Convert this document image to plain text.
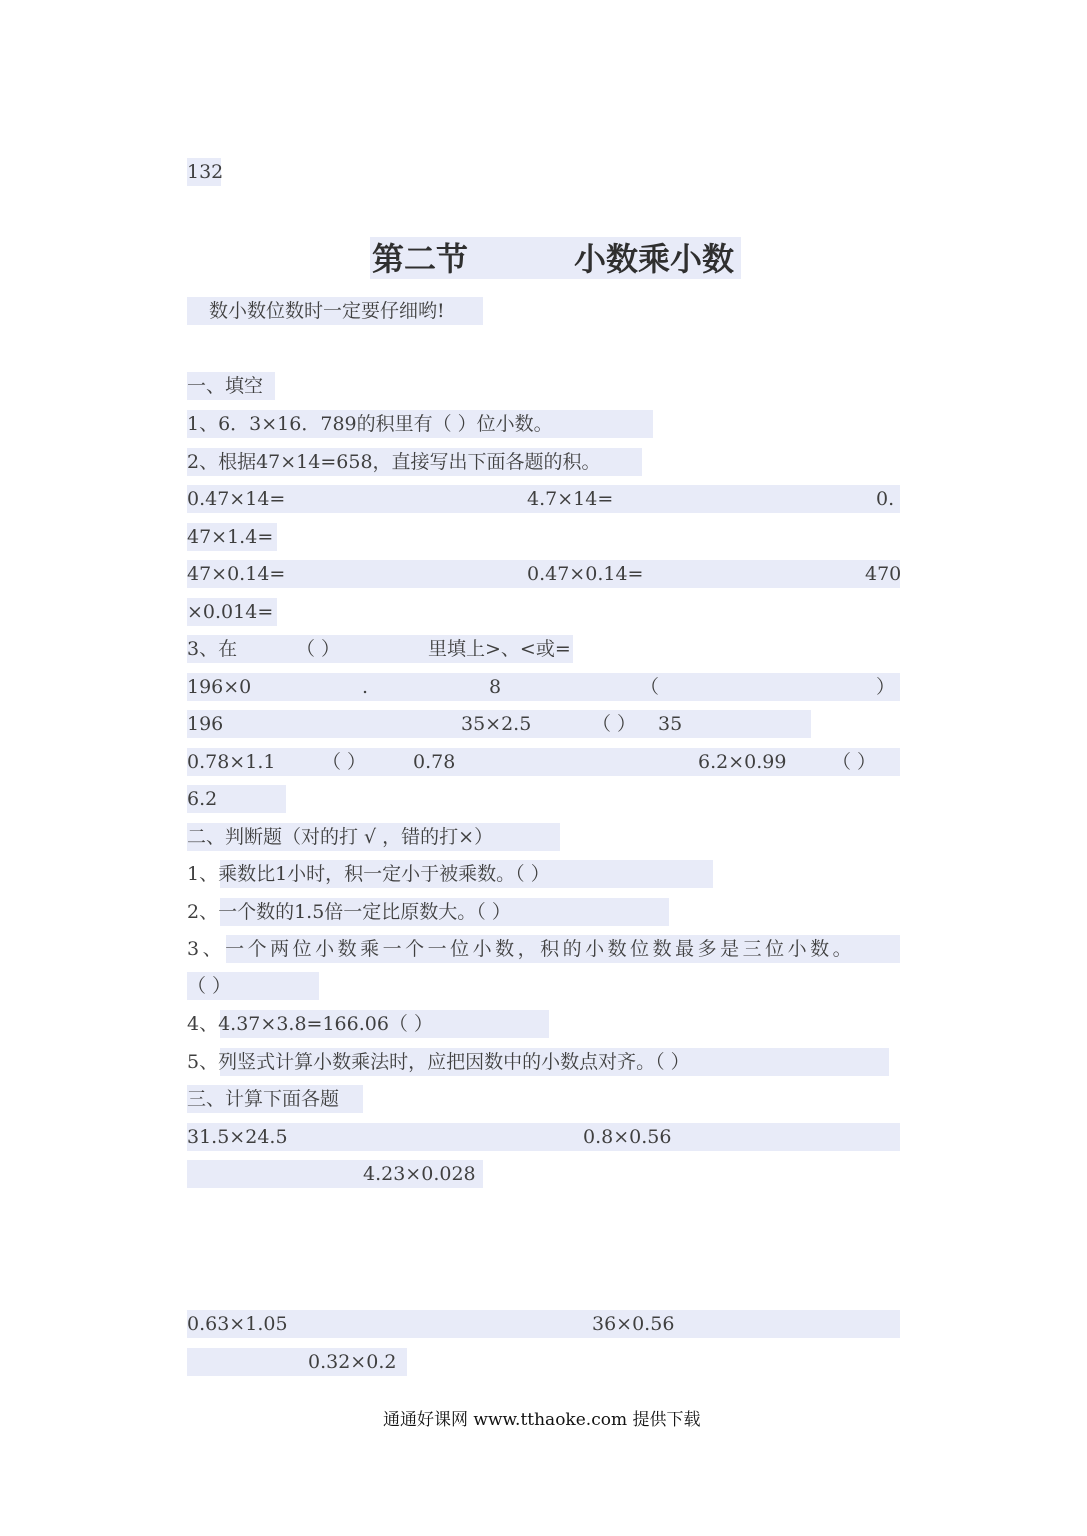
132
第二节	小数乘小数
数小数位数时一定要仔细哟!
一、填空
1、6．3×16．789的积里有（ ）位小数。
2、根据47×14=658，直接写出下面各题的积。
0.47×14=	4.7×14=	0.
47×1.4=
47×0.14=	0.47×0.14=	470
×0.014=
3、在	（ ）	里填上>、<或=
196×0	.	8	（	）
196	35×2.5	（ ） 35
0.78×1.1 （ ） 0.78	6.2×0.99 （ ）
6.2
二、判断题（对的打 √ ，错的打×）
1、乘数比1小时，积一定小于被乘数。（ ）
2、一个数的1.5倍一定比原数大。（ ）
3、一个两位小数乘一个一位小数，积的小数位数最多是三位小数。
（ ）
4、4.37×3.8=166.06（ ）
5、列竖式计算小数乘法时，应把因数中的小数点对齐。（ ）
三、计算下面各题
31.5×24.5	0.8×0.56
4.23×0.028
0.63×1.05	36×0.56
0.32×0.2
通通好课网 www.tthaoke.com 提供下载
